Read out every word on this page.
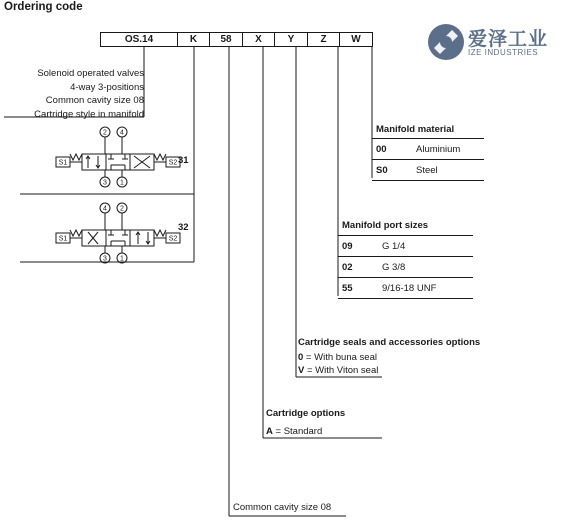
Ordering code
OS.14	K	58	X	Y	Z	W	爱泽工业
IZE INDUSTRIES
Solenoid operated valves
4-way 3-positions
Common cavity size 08
Cartridge style in manifold
2 4
3 1
S1	S2
4 2
3 1
S1	S2
31
32
Manifold material
00	Aluminium
S0	Steel
Manifold port sizes
09	G 1/4
02	G 3/8
55	9/16-18 UNF
Cartridge seals and accessories options
0 = With buna seal
V = With Viton seal
Cartridge options
A = Standard
Common cavity size 08
